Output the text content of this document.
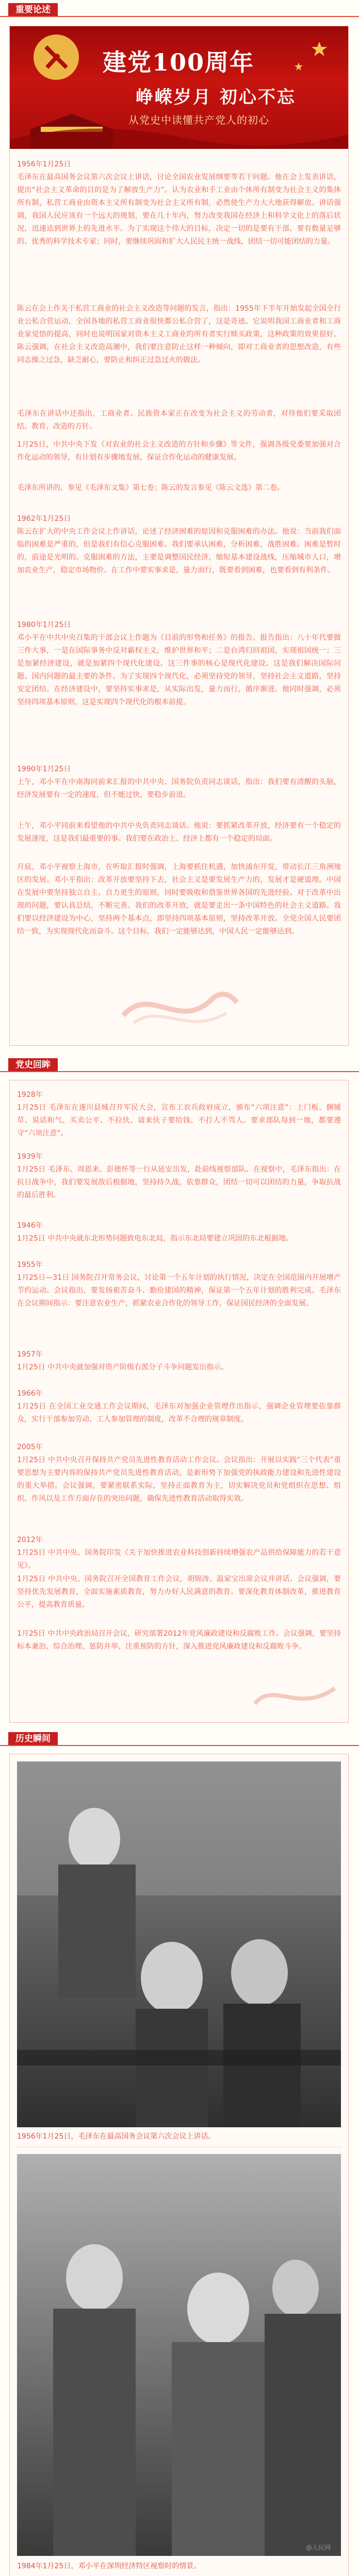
重要论述
建党100周年
峥嵘岁月 初心不忘
从党史中读懂共产党人的初心
1956年1月25日
毛泽东在最高国务会议第六次会议上讲话，讨论全国农业发展纲要等若干问题。他在会上发表讲话，提出“社会主义革命的目的是为了解放生产力”。认为农业和手工业由个体所有制变为社会主义的集体所有制，私营工商业由资本主义所有制变为社会主义所有制，必然使生产力大大地获得解放。讲话强调，我国人民应该有一个远大的规划，要在几十年内，努力改变我国在经济上和科学文化上的落后状况，迅速达到世界上的先进水平。为了实现这个伟大的目标，决定一切的是要有干部，要有数量足够的、优秀的科学技术专家；同时，要继续巩固和扩大人民民主统一战线，团结一切可能团结的力量。
陈云在会上作关于私营工商业的社会主义改造等问题的发言，指出：1955年下半年开始发起全国全行业公私合营运动，全国各地的私营工商业很快都公私合营了，这是奇迹。它说明我国工商业者和工商业家觉悟的提高，同时也说明国家对资本主义工商业的所有者实行赎买政策，这种政策的效果很好。陈云强调，在社会主义改造高潮中，我们要注意防止这样一种倾向，即对工商业者的思想改造，有些同志操之过急，缺乏耐心，要防止和纠正过急过火的做法。
毛泽东在讲话中还指出，工商业者、民族资本家正在改变为社会主义的劳动者，对待他们要采取团结、教育、改造的方针。
1月25日，中共中央下发《对农业的社会主义改造的方针和步骤》等文件，强调各级党委要加强对合作化运动的领导，有计划有步骤地发展，保证合作化运动的健康发展。
毛泽东所讲的，参见《毛泽东文集》第七卷；陈云的发言参见《陈云文选》第二卷。
1962年1月25日
陈云在扩大的中央工作会议上作讲话，论述了经济困难的原因和克服困难的办法。他说：当前我们面临的困难是严重的，但是我们有信心克服困难。我们要承认困难，分析困难，战胜困难。困难是暂时的，前途是光明的。克服困难的方法，主要是调整国民经济，缩短基本建设战线，压缩城市人口，增加农业生产，稳定市场物价。在工作中要实事求是，量力而行，既要看到困难，也要看到有利条件。
1980年1月25日
邓小平在中共中央召集的干部会议上作题为《目前的形势和任务》的报告。报告指出：八十年代要做三件大事，一是在国际事务中反对霸权主义，维护世界和平；二是台湾归回祖国，实现祖国统一；三是加紧经济建设，就是加紧四个现代化建设。这三件事的核心是现代化建设。这是我们解决国际问题、国内问题的最主要的条件。为了实现四个现代化，必须坚持党的领导，坚持社会主义道路，坚持安定团结。在经济建设中，要坚持实事求是，从实际出发，量力而行，循序渐进。他同时强调，必须坚持四项基本原则，这是实现四个现代化的根本前提。
1990年1月25日
上午，邓小平在中南海同前来汇报的中共中央、国务院负责同志谈话，指出：我们要有清醒的头脑，经济发展要有一定的速度，但不能过快，要稳步前进。
上午，邓小平同前来看望他的中共中央负责同志谈话。他说：要抓紧改革开放，经济要有一个稳定的发展速度，这是我们最重要的事。我们要在政治上、经济上都有一个稳定的局面。
月底，邓小平视察上海市，在听取汇报时强调，上海要抓住机遇，加快浦东开发，带动长江三角洲地区的发展。邓小平指出：改革开放要坚持下去，社会主义是要发展生产力的，发展才是硬道理。中国在发展中要坚持独立自主、自力更生的原则，同时要吸收和借鉴世界各国的先进经验。对于改革中出现的问题，要认真总结，不断完善。我们的改革开放，就是要走出一条中国特色的社会主义道路。我们要以经济建设为中心，坚持两个基本点，即坚持四项基本原则，坚持改革开放。全党全国人民要团结一致，为实现现代化而奋斗。这个目标，我们一定能够达到，中国人民一定能够达到。
党史回眸
1928年
1月25日 毛泽东在遂川县城召开军民大会，宣布工农兵政府成立，颁布“六项注意”：上门板、捆铺草、说话和气、买卖公平、不拉伕、请来伕子要给钱、不打人不骂人。要求部队每到一地，都要遵守“六项注意”。
1939年
1月25日 毛泽东、周恩来、彭德怀等一行从延安出发，赴前线视察部队。在视察中，毛泽东指出：在抗日战争中，我们要发展敌后根据地，坚持持久战，依靠群众，团结一切可以团结的力量，争取抗战的最后胜利。
1946年
1月25日 中共中央就东北形势问题致电东北局，指示东北局要建立巩固的东北根据地。
1955年
1月25日—31日 国务院召开常务会议，讨论第一个五年计划的执行情况，决定在全国范围内开展增产节约运动。会议指出，要发扬艰苦奋斗、勤俭建国的精神，保证第一个五年计划的胜利完成。毛泽东在会议期间指示：要注意农业生产，抓紧农业合作化的领导工作，保证国民经济的全面发展。
1957年
1月25日 中共中央就加强对资产阶级右派分子斗争问题发出指示。
1966年
1月25日 在全国工业交通工作会议期间，毛泽东对加强企业管理作出指示，强调企业管理要依靠群众，实行干部参加劳动、工人参加管理的制度，改革不合理的规章制度。
2005年
1月25日 中共中央召开保持共产党员先进性教育活动工作会议。会议指出：开展以实践“三个代表”重要思想为主要内容的保持共产党员先进性教育活动，是新形势下加强党的执政能力建设和先进性建设的重大举措。会议强调，要紧密联系实际，坚持正面教育为主，切实解决党员和党组织在思想、组织、作风以及工作方面存在的突出问题，确保先进性教育活动取得实效。
2012年
1月25日 中共中央、国务院印发《关于加快推进农业科技创新持续增强农产品供给保障能力的若干意见》。
1月25日 中共中央、国务院召开全国教育工作会议，胡锦涛、温家宝出席会议并讲话。会议强调，要坚持优先发展教育，全面实施素质教育，努力办好人民满意的教育。要深化教育体制改革，推进教育公平，提高教育质量。
1月25日 中共中央政治局召开会议，研究部署2012年党风廉政建设和反腐败工作。会议强调，要坚持标本兼治、综合治理、惩防并举、注重预防的方针，深入推进党风廉政建设和反腐败斗争。
历史瞬间
1956年1月25日，毛泽东在最高国务会议第六次会议上讲话。
@人民网
1984年1月25日，邓小平在深圳经济特区视察时的情景。
